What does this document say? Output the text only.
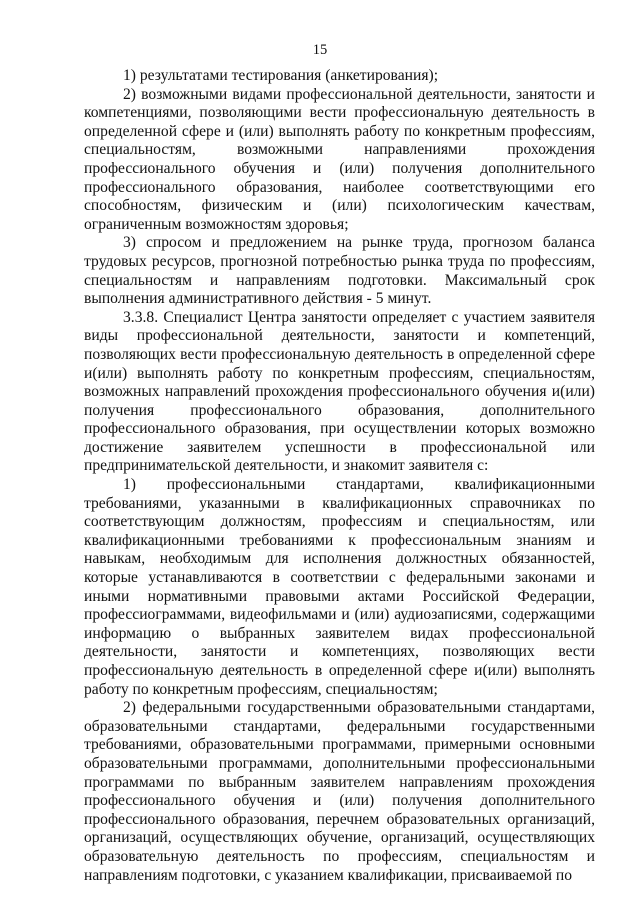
15

1) результатами тестирования (анкетирования);

2) возможными видами профессиональной деятельности, занятости и компетенциями, позволяющими вести профессиональную деятельность в определенной сфере и (или) выполнять работу по конкретным профессиям, специальностям, возможными направлениями прохождения профессионального обучения и (или) получения дополнительного профессионального образования, наиболее соответствующими его способностям, физическим и (или) психологическим качествам, ограниченным возможностям здоровья;

3) спросом и предложением на рынке труда, прогнозом баланса трудовых ресурсов, прогнозной потребностью рынка труда по профессиям, специальностям и направлениям подготовки. Максимальный срок выполнения административного действия - 5 минут.

3.3.8. Специалист Центра занятости определяет с участием заявителя виды профессиональной деятельности, занятости и компетенций, позволяющих вести профессиональную деятельность в определенной сфере и(или) выполнять работу по конкретным профессиям, специальностям, возможных направлений прохождения профессионального обучения и(или) получения профессионального образования, дополнительного профессионального образования, при осуществлении которых возможно достижение заявителем успешности в профессиональной или предпринимательской деятельности, и знакомит заявителя с:

1) профессиональными стандартами, квалификационными требованиями, указанными в квалификационных справочниках по соответствующим должностям, профессиям и специальностям, или квалификационными требованиями к профессиональным знаниям и навыкам, необходимым для исполнения должностных обязанностей, которые устанавливаются в соответствии с федеральными законами и иными нормативными правовыми актами Российской Федерации, профессиограммами, видеофильмами и (или) аудиозаписями, содержащими информацию о выбранных заявителем видах профессиональной деятельности, занятости и компетенциях, позволяющих вести профессиональную деятельность в определенной сфере и(или) выполнять работу по конкретным профессиям, специальностям;

2) федеральными государственными образовательными стандартами, образовательными стандартами, федеральными государственными требованиями, образовательными программами, примерными основными образовательными программами, дополнительными профессиональными программами по выбранным заявителем направлениям прохождения профессионального обучения и (или) получения дополнительного профессионального образования, перечнем образовательных организаций, организаций, осуществляющих обучение, организаций, осуществляющих образовательную деятельность по профессиям, специальностям и направлениям подготовки, с указанием квалификации, присваиваемой по
